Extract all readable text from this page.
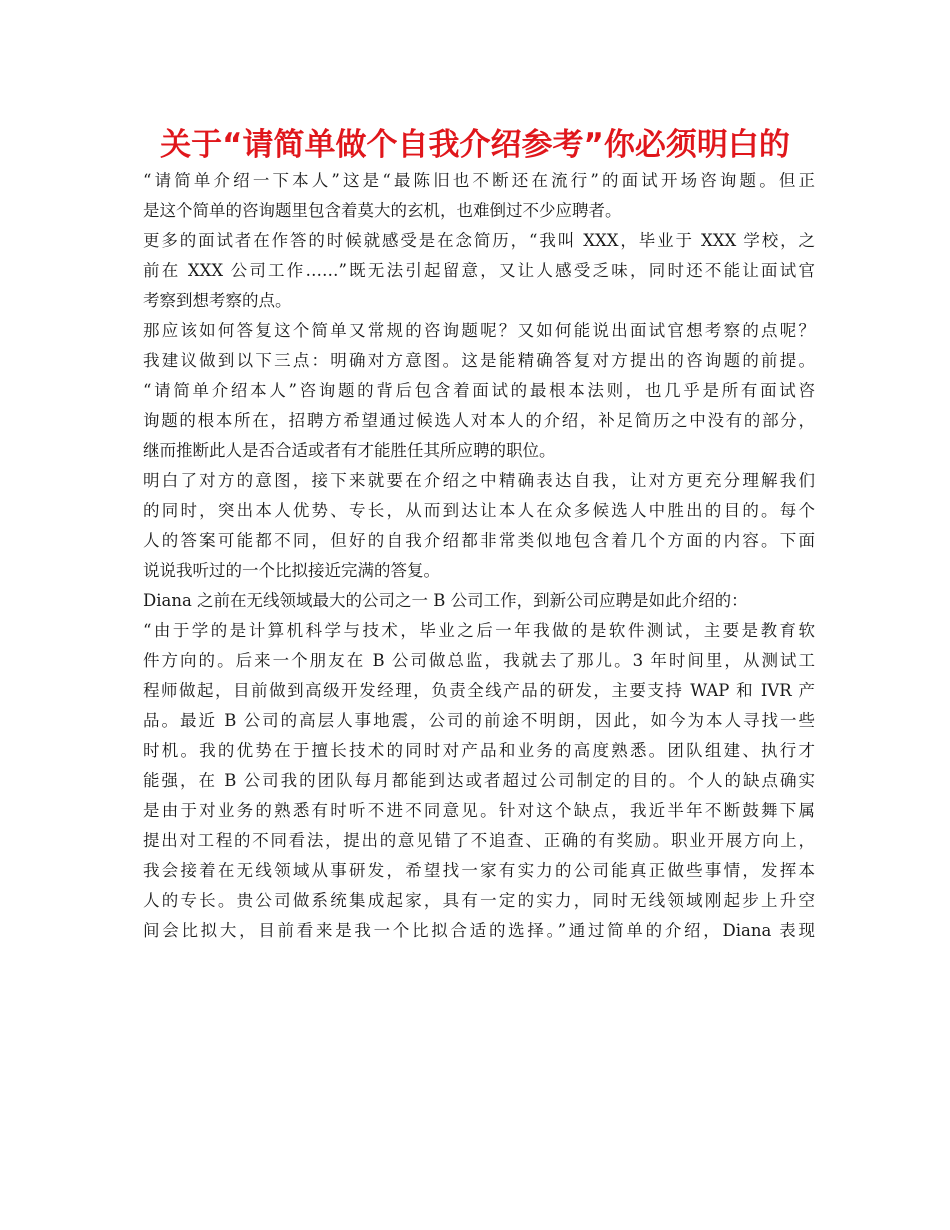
关于“请简单做个自我介绍参考”你必须明白的
“请简单介绍一下本人”这是“最陈旧也不断还在流行”的面试开场咨询题。但正
是这个简单的咨询题里包含着莫大的玄机，也难倒过不少应聘者。
更多的面试者在作答的时候就感受是在念简历，“我叫 XXX，毕业于 XXX 学校，之
前在 XXX 公司工作……”既无法引起留意，又让人感受乏味，同时还不能让面试官
考察到想考察的点。
那应该如何答复这个简单又常规的咨询题呢？又如何能说出面试官想考察的点呢？
我建议做到以下三点：明确对方意图。这是能精确答复对方提出的咨询题的前提。
“请简单介绍本人”咨询题的背后包含着面试的最根本法则，也几乎是所有面试咨
询题的根本所在，招聘方希望通过候选人对本人的介绍，补足简历之中没有的部分，
继而推断此人是否合适或者有才能胜任其所应聘的职位。
明白了对方的意图，接下来就要在介绍之中精确表达自我，让对方更充分理解我们
的同时，突出本人优势、专长，从而到达让本人在众多候选人中胜出的目的。每个
人的答案可能都不同，但好的自我介绍都非常类似地包含着几个方面的内容。下面
说说我听过的一个比拟接近完满的答复。
Diana 之前在无线领域最大的公司之一 B 公司工作，到新公司应聘是如此介绍的：
“由于学的是计算机科学与技术，毕业之后一年我做的是软件测试，主要是教育软
件方向的。后来一个朋友在 B 公司做总监，我就去了那儿。3 年时间里，从测试工
程师做起，目前做到高级开发经理，负责全线产品的研发，主要支持 WAP 和 IVR 产
品。最近 B 公司的高层人事地震，公司的前途不明朗，因此，如今为本人寻找一些
时机。我的优势在于擅长技术的同时对产品和业务的高度熟悉。团队组建、执行才
能强，在 B 公司我的团队每月都能到达或者超过公司制定的目的。个人的缺点确实
是由于对业务的熟悉有时听不进不同意见。针对这个缺点，我近半年不断鼓舞下属
提出对工程的不同看法，提出的意见错了不追查、正确的有奖励。职业开展方向上，
我会接着在无线领域从事研发，希望找一家有实力的公司能真正做些事情，发挥本
人的专长。贵公司做系统集成起家，具有一定的实力，同时无线领域刚起步上升空
间会比拟大，目前看来是我一个比拟合适的选择。”通过简单的介绍，Diana 表现
